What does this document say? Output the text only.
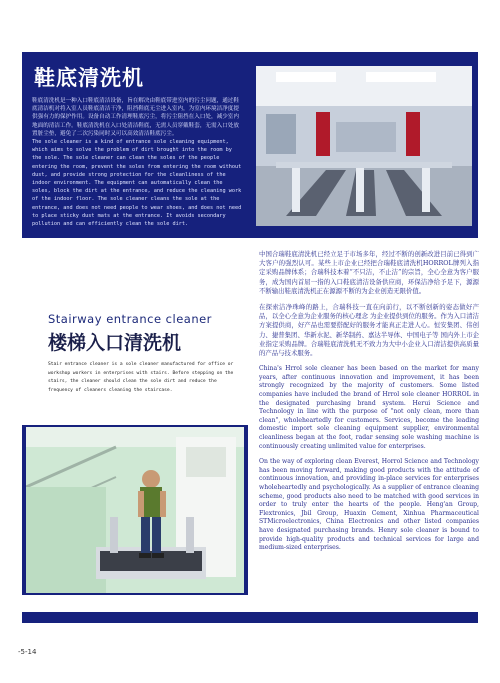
鞋底清洗机

鞋底清洗机是一种入口鞋底清洁设备，旨在解决由鞋底带进室内的污尘问题，通过鞋底清洁机对将入室人员鞋底清洁干净，阻挡鞋底无尘进入室内，为室内环境洁净度提供强有力的保护作用。设备自动工作清理鞋底污尘，将污尘阻挡在入口处，减少室内地面的清洁工作。鞋底清洗机在入口处清洁鞋底，无需人员穿戴鞋套，无需入口处放置脏尘垫，避免了二次污染同时又可以高效清洁鞋底污尘。

The sole cleaner is a kind of entrance sole cleaning equipment, which aims to solve the problem of dirt brought into the room by the sole. The sole cleaner can clean the soles of the people entering the room, prevent the soles from entering the room without dust, and provide strong protection for the cleanliness of the indoor environment. The equipment can automatically clean the soles, block the dirt at the entrance, and reduce the cleaning work of the indoor floor. The sole cleaner cleans the sole at the entrance, and does not need people to wear shoes, and does not need to place sticky dust mats at the entrance. It avoids secondary pollution and can efficiently clean the sole dirt.

Stairway entrance cleaner
楼梯入口清洗机
Stair entrance cleaner is a sole cleaner manufactured for office or workshop workers in enterprises with stairs. Before stepping on the stairs, the cleaner should clean the sole dirt and reduce the frequency of cleaners cleaning the staircase.

中国合瑞鞋底清洗机已经立足于市场多年，经过不断的创新改进目前已得到广大客户的强烈认可。某些上市企业已经把合瑞鞋底清洗机HORROL牌列入指定采购品牌体系；合瑞科技本着“不只洁，不止洁”的宗旨，全心全意为客户服务，成为国内首屈一指的入口鞋底清洁设备供应商，环保洁净给予足下，源源不断输出鞋底清洗机正在源源不断的为企业创造无限价值。

在探索洁净珠峰的路上，合瑞科技一直在向前行，以不断创新的姿态做好产品，以全心全意为企业服务的核心理念 为企业提供到位的服务。作为入口清洁方案提供商，好产品也需要搭配好的服务才能真正走进人心。恒安集团、伟创力、捷普集团、华新水泥、新华制药、嘉达半导体、中国电子等 国内外上市企业指定采购品牌。合瑞鞋底清洗机无不致力为大中小企业入口清洁提供高质量的产品与技术服务。

China's Hrrol sole cleaner has been based on the market for many years, after continuous innovation and improvement, it has been strongly recognized by the majority of customers. Some listed companies have included the brand of Hrrol sole cleaner HORROL in the designated purchasing brand system. Herui Science and Technology in line with the purpose of "not only clean, more than clean", wholeheartedly for customers. Services, become the leading domestic import sole cleaning equipment supplier, environmental cleanliness began at the foot, radar sensing sole washing machine is continuously creating unlimited value for enterprises.

On the way of exploring clean Everest, Horrol Science and Technology has been moving forward, making good products with the attitude of continuous innovation, and providing in-place services for enterprises wholeheartedly and psychologically. As a supplier of entrance cleaning scheme, good products also need to be matched with good services in order to truly enter the hearts of the people. Heng'an Group, Flextronics, Jbil Group, Huaxin Cement, Xinhua Pharmaceutical STMicroelectronics, China Electronics and other listed companies have designated purchasing brands. Henry sole cleaner is bound to provide high-quality products and technical services for large and medium-sized enterprises.

-5-14
